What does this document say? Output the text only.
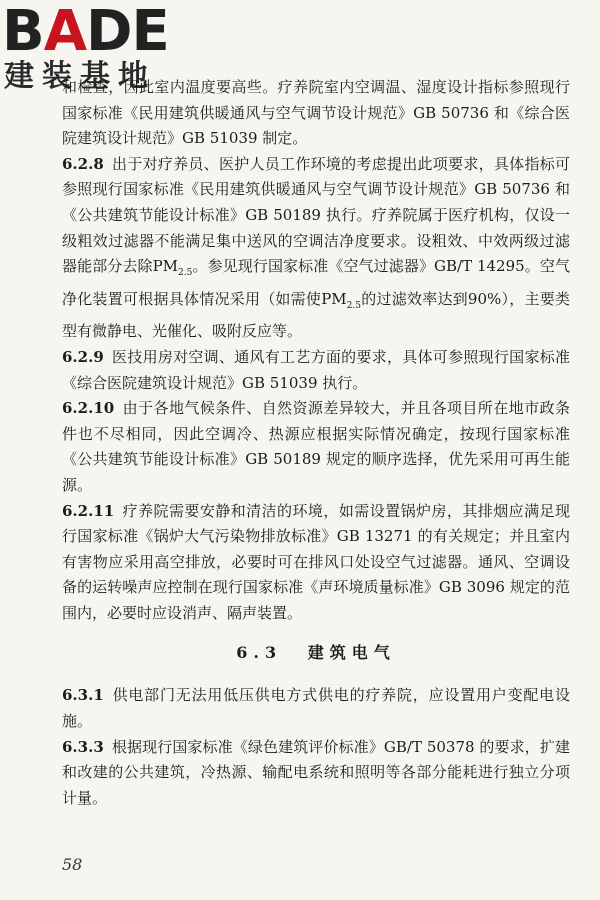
BADE
建装基地

和检查，因此室内温度要高些。疗养院室内空调温、湿度设计指标参照现行国家标准《民用建筑供暖通风与空气调节设计规范》GB 50736 和《综合医院建筑设计规范》GB 51039 制定。

6.2.8 出于对疗养员、医护人员工作环境的考虑提出此项要求，具体指标可参照现行国家标准《民用建筑供暖通风与空气调节设计规范》GB 50736 和《公共建筑节能设计标准》GB 50189 执行。疗养院属于医疗机构，仅设一级粗效过滤器不能满足集中送风的空调洁净度要求。设粗效、中效两级过滤器能部分去除$PM_{2.5}$。参见现行国家标准《空气过滤器》GB/T 14295。空气净化装置可根据具体情况采用（如需使$PM_{2.5}$的过滤效率达到90%），主要类型有微静电、光催化、吸附反应等。

6.2.9 医技用房对空调、通风有工艺方面的要求，具体可参照现行国家标准《综合医院建筑设计规范》GB 51039 执行。

6.2.10 由于各地气候条件、自然资源差异较大，并且各项目所在地市政条件也不尽相同，因此空调冷、热源应根据实际情况确定，按现行国家标准《公共建筑节能设计标准》GB 50189 规定的顺序选择，优先采用可再生能源。

6.2.11 疗养院需要安静和清洁的环境，如需设置锅炉房，其排烟应满足现行国家标准《锅炉大气污染物排放标准》GB 13271 的有关规定；并且室内有害物应采用高空排放，必要时可在排风口处设空气过滤器。通风、空调设备的运转噪声应控制在现行国家标准《声环境质量标准》GB 3096 规定的范围内，必要时应设消声、隔声装置。

6.3 建筑电气

6.3.1 供电部门无法用低压供电方式供电的疗养院，应设置用户变配电设施。

6.3.3 根据现行国家标准《绿色建筑评价标准》GB/T 50378 的要求，扩建和改建的公共建筑，冷热源、输配电系统和照明等各部分能耗进行独立分项计量。

58
